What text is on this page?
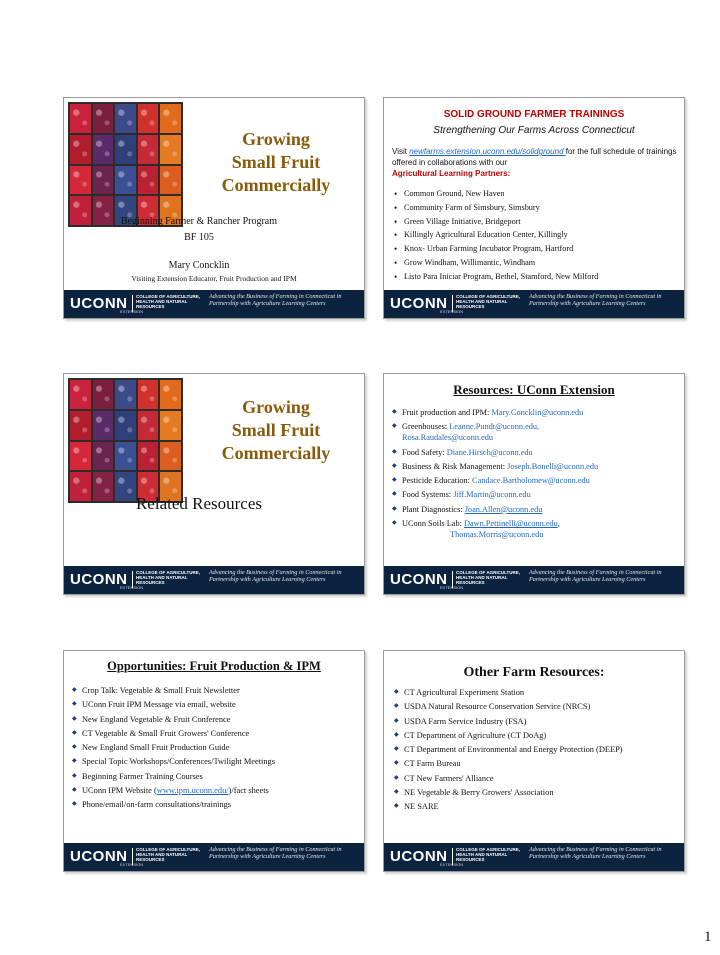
Growing
Small Fruit
Commercially
Beginning Farmer & Rancher Program
BF 105
Mary Concklin
Visiting Extension Educator, Fruit Production and IPM
UCONN COLLEGE OF AGRICULTURE,
HEALTH AND NATURAL RESOURCES
EXTENSION
Advancing the Business of Farming in Connecticut in Partnership with Agriculture Learning Centers
SOLID GROUND FARMER TRAININGS
Strengthening Our Farms Across Connecticut
Visit newfarms.extension.uconn.edu/solidground for the full schedule of trainings offered in collaborations with our
Agricultural Learning Partners:
• Common Ground, New Haven
• Community Farm of Simsbury, Simsbury
• Green Village Initiative, Bridgeport
• Killingly Agricultural Education Center, Killingly
• Knox- Urban Farming Incubator Program, Hartford
• Grow Windham, Willimantic, Windham
• Listo Para Iniciar Program, Bethel, Stamford, New Milford
UCONN COLLEGE OF AGRICULTURE,
HEALTH AND NATURAL RESOURCES
EXTENSION
Advancing the Business of Farming in Connecticut in Partnership with Agriculture Learning Centers
Growing
Small Fruit
Commercially
Related Resources
UCONN COLLEGE OF AGRICULTURE,
HEALTH AND NATURAL RESOURCES
EXTENSION
Advancing the Business of Farming in Connecticut in Partnership with Agriculture Learning Centers
Resources: UConn Extension
◆ Fruit production and IPM: Mary.Concklin@uconn.edu
◆ Greenhouses: Leanne.Pundt@uconn.edu,
Rosa.Raudales@uconn.edu
◆ Food Safety: Diane.Hirsch@uconn.edu
◆ Business & Risk Management: Joseph.Bonelli@uconn.edu
◆ Pesticide Education: Candace.Bartholomew@uconn.edu
◆ Food Systems: Jiff.Martin@uconn.edu
◆ Plant Diagnostics: Joan.Allen@uconn.edu
◆ UConn Soils Lab: Dawn.Pettinelli@uconn.edu,
Thomas.Morris@uconn.edu
UCONN COLLEGE OF AGRICULTURE,
HEALTH AND NATURAL RESOURCES
EXTENSION
Advancing the Business of Farming in Connecticut in Partnership with Agriculture Learning Centers
Opportunities: Fruit Production & IPM
◆ Crop Talk: Vegetable & Small Fruit Newsletter
◆ UConn Fruit IPM Message via email, website
◆ New England Vegetable & Fruit Conference
◆ CT Vegetable & Small Fruit Growers' Conference
◆ New England Small Fruit Production Guide
◆ Special Topic Workshops/Conferences/Twilight Meetings
◆ Beginning Farmer Training Courses
◆ UConn IPM Website (www.ipm.uconn.edu/)/fact sheets
◆ Phone/email/on-farm consultations/trainings
UCONN COLLEGE OF AGRICULTURE,
HEALTH AND NATURAL RESOURCES
EXTENSION
Advancing the Business of Farming in Connecticut in Partnership with Agriculture Learning Centers
Other Farm Resources:
◆ CT Agricultural Experiment Station
◆ USDA Natural Resource Conservation Service (NRCS)
◆ USDA Farm Service Industry (FSA)
◆ CT Department of Agriculture (CT DoAg)
◆ CT Department of Environmental and Energy Protection (DEEP)
◆ CT Farm Bureau
◆ CT New Farmers' Alliance
◆ NE Vegetable & Berry Growers' Association
◆ NE SARE
UCONN COLLEGE OF AGRICULTURE,
HEALTH AND NATURAL RESOURCES
EXTENSION
Advancing the Business of Farming in Connecticut in Partnership with Agriculture Learning Centers
1
